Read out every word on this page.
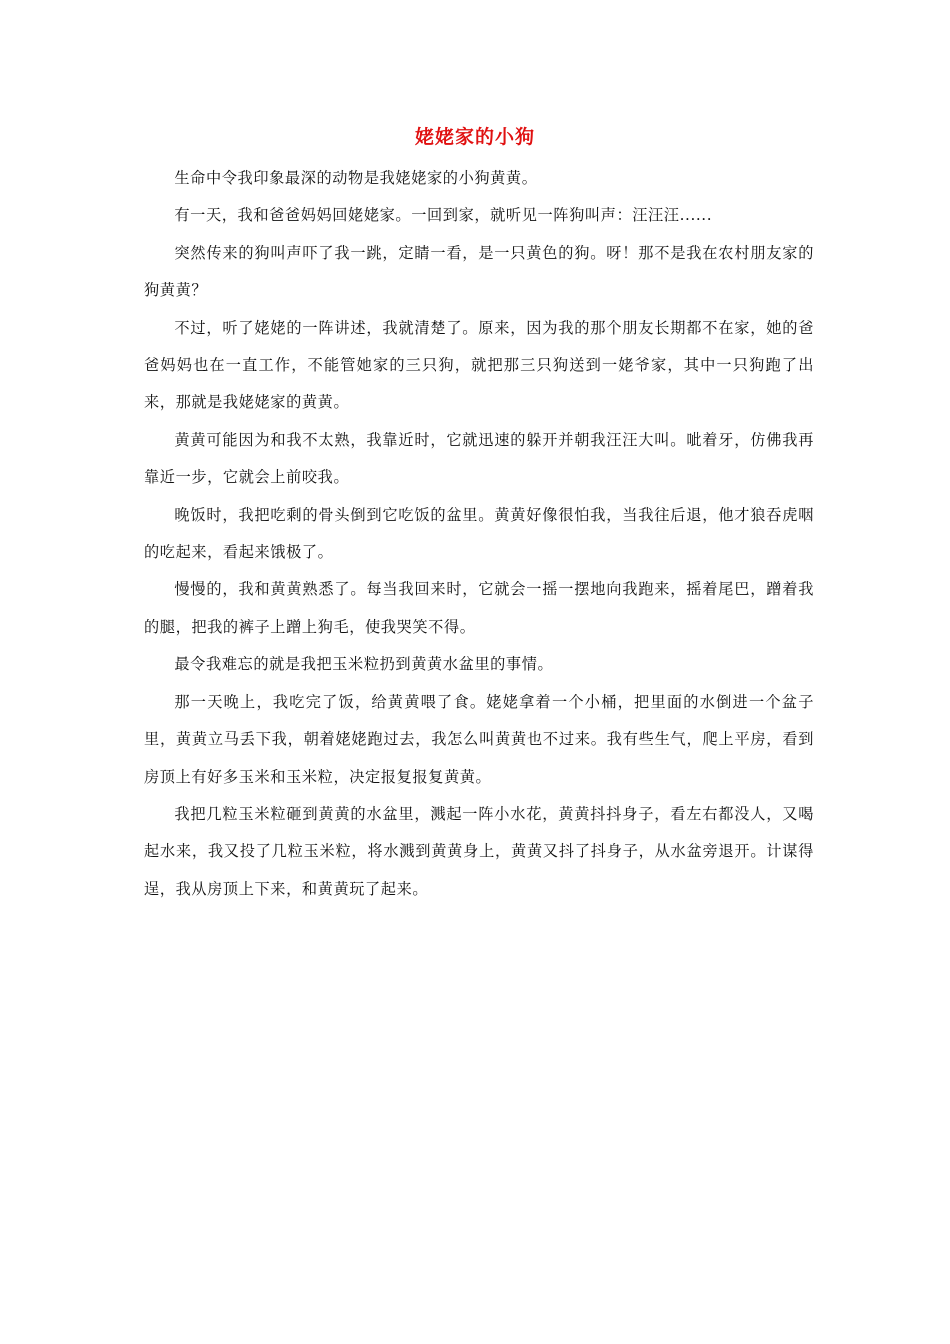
姥姥家的小狗

生命中令我印象最深的动物是我姥姥家的小狗黄黄。

有一天，我和爸爸妈妈回姥姥家。一回到家，就听见一阵狗叫声：汪汪汪......

突然传来的狗叫声吓了我一跳，定睛一看，是一只黄色的狗。呀！那不是我在农村朋友家的狗黄黄？

不过，听了姥姥的一阵讲述，我就清楚了。原来，因为我的那个朋友长期都不在家，她的爸爸妈妈也在一直工作，不能管她家的三只狗，就把那三只狗送到一姥爷家，其中一只狗跑了出来，那就是我姥姥家的黄黄。

黄黄可能因为和我不太熟，我靠近时，它就迅速的躲开并朝我汪汪大叫。呲着牙，仿佛我再靠近一步，它就会上前咬我。

晚饭时，我把吃剩的骨头倒到它吃饭的盆里。黄黄好像很怕我，当我往后退，他才狼吞虎咽的吃起来，看起来饿极了。

慢慢的，我和黄黄熟悉了。每当我回来时，它就会一摇一摆地向我跑来，摇着尾巴，蹭着我的腿，把我的裤子上蹭上狗毛，使我哭笑不得。

最令我难忘的就是我把玉米粒扔到黄黄水盆里的事情。

那一天晚上，我吃完了饭，给黄黄喂了食。姥姥拿着一个小桶，把里面的水倒进一个盆子里，黄黄立马丢下我，朝着姥姥跑过去，我怎么叫黄黄也不过来。我有些生气，爬上平房，看到房顶上有好多玉米和玉米粒，决定报复报复黄黄。

我把几粒玉米粒砸到黄黄的水盆里，溅起一阵小水花，黄黄抖抖身子，看左右都没人，又喝起水来，我又投了几粒玉米粒，将水溅到黄黄身上，黄黄又抖了抖身子，从水盆旁退开。计谋得逞，我从房顶上下来，和黄黄玩了起来。
